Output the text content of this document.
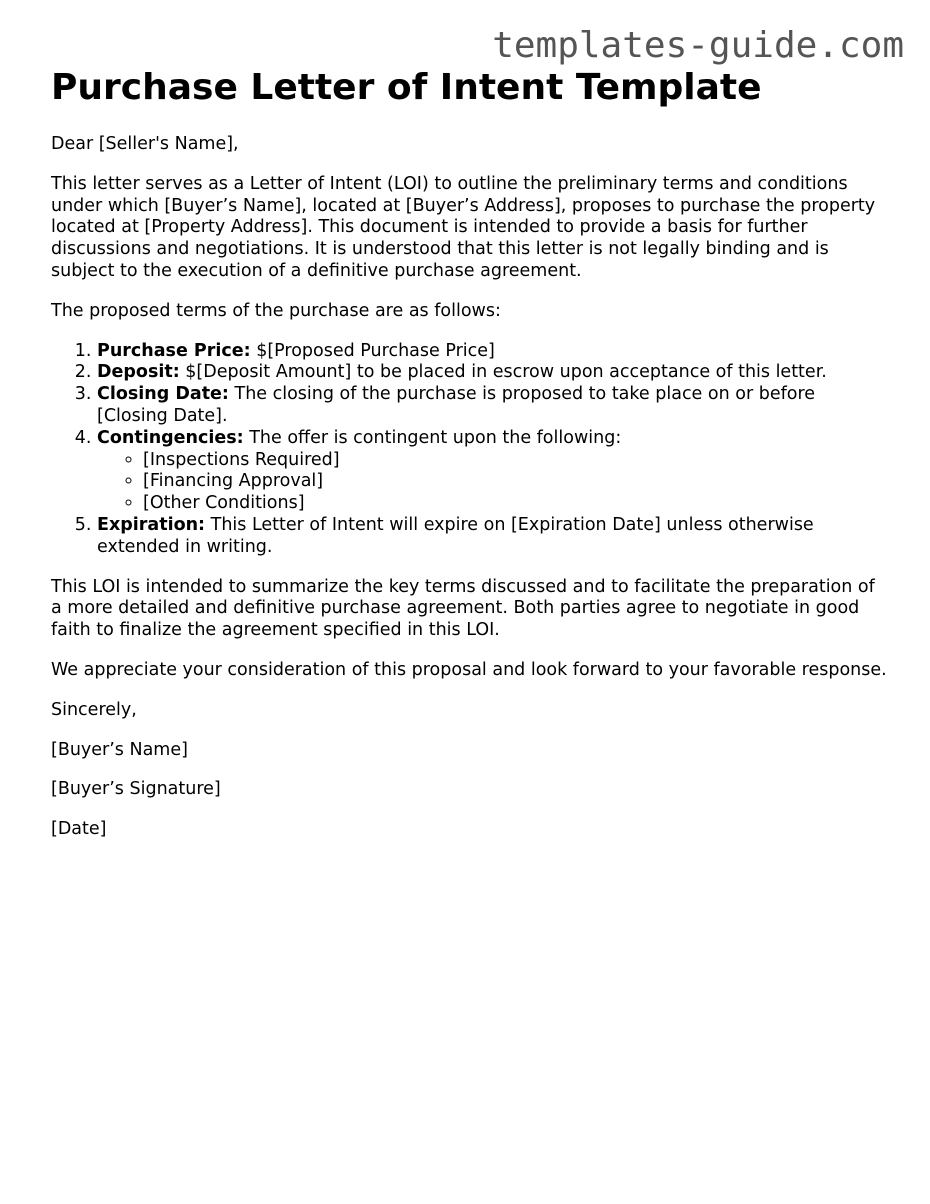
templates-guide.com
Purchase Letter of Intent Template

Dear [Seller's Name],

This letter serves as a Letter of Intent (LOI) to outline the preliminary terms and conditions under which [Buyer’s Name], located at [Buyer’s Address], proposes to purchase the property located at [Property Address]. This document is intended to provide a basis for further discussions and negotiations. It is understood that this letter is not legally binding and is subject to the execution of a definitive purchase agreement.

The proposed terms of the purchase are as follows:

1. Purchase Price: $[Proposed Purchase Price]
2. Deposit: $[Deposit Amount] to be placed in escrow upon acceptance of this letter.
3. Closing Date: The closing of the purchase is proposed to take place on or before [Closing Date].
4. Contingencies: The offer is contingent upon the following:
◦ [Inspections Required]
◦ [Financing Approval]
◦ [Other Conditions]
5. Expiration: This Letter of Intent will expire on [Expiration Date] unless otherwise extended in writing.

This LOI is intended to summarize the key terms discussed and to facilitate the preparation of a more detailed and definitive purchase agreement. Both parties agree to negotiate in good faith to finalize the agreement specified in this LOI.

We appreciate your consideration of this proposal and look forward to your favorable response.

Sincerely,

[Buyer’s Name]

[Buyer’s Signature]

[Date]
